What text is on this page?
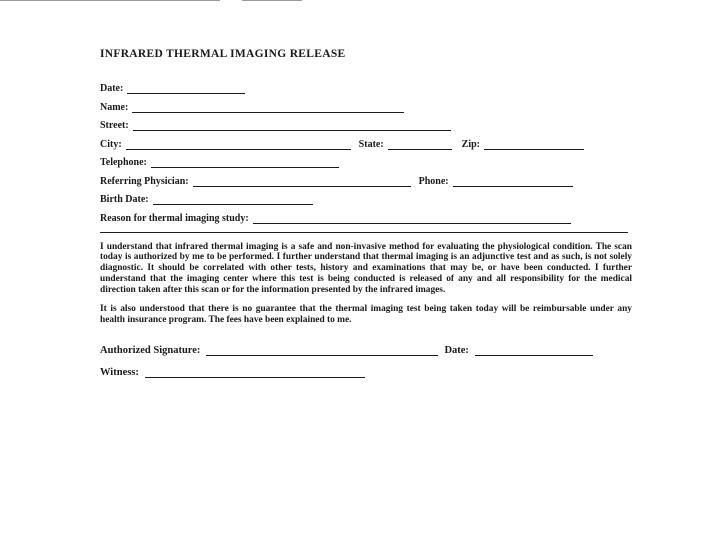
INFRARED THERMAL IMAGING RELEASE
Date:
Name:
Street:
City:	State:	Zip:
Telephone:
Referring Physician:	Phone:
Birth Date:
Reason for thermal imaging study:

I understand that infrared thermal imaging is a safe and non-invasive method for evaluating the physiological condition. The scan today is authorized by me to be performed. I further understand that thermal imaging is an adjunctive test and as such, is not solely diagnostic. It should be correlated with other tests, history and examinations that may be, or have been conducted. I further understand that the imaging center where this test is being conducted is released of any and all responsibility for the medical direction taken after this scan or for the information presented by the infrared images.

It is also understood that there is no guarantee that the thermal imaging test being taken today will be reimbursable under any health insurance program. The fees have been explained to me.

Authorized Signature:	Date:
Witness:
